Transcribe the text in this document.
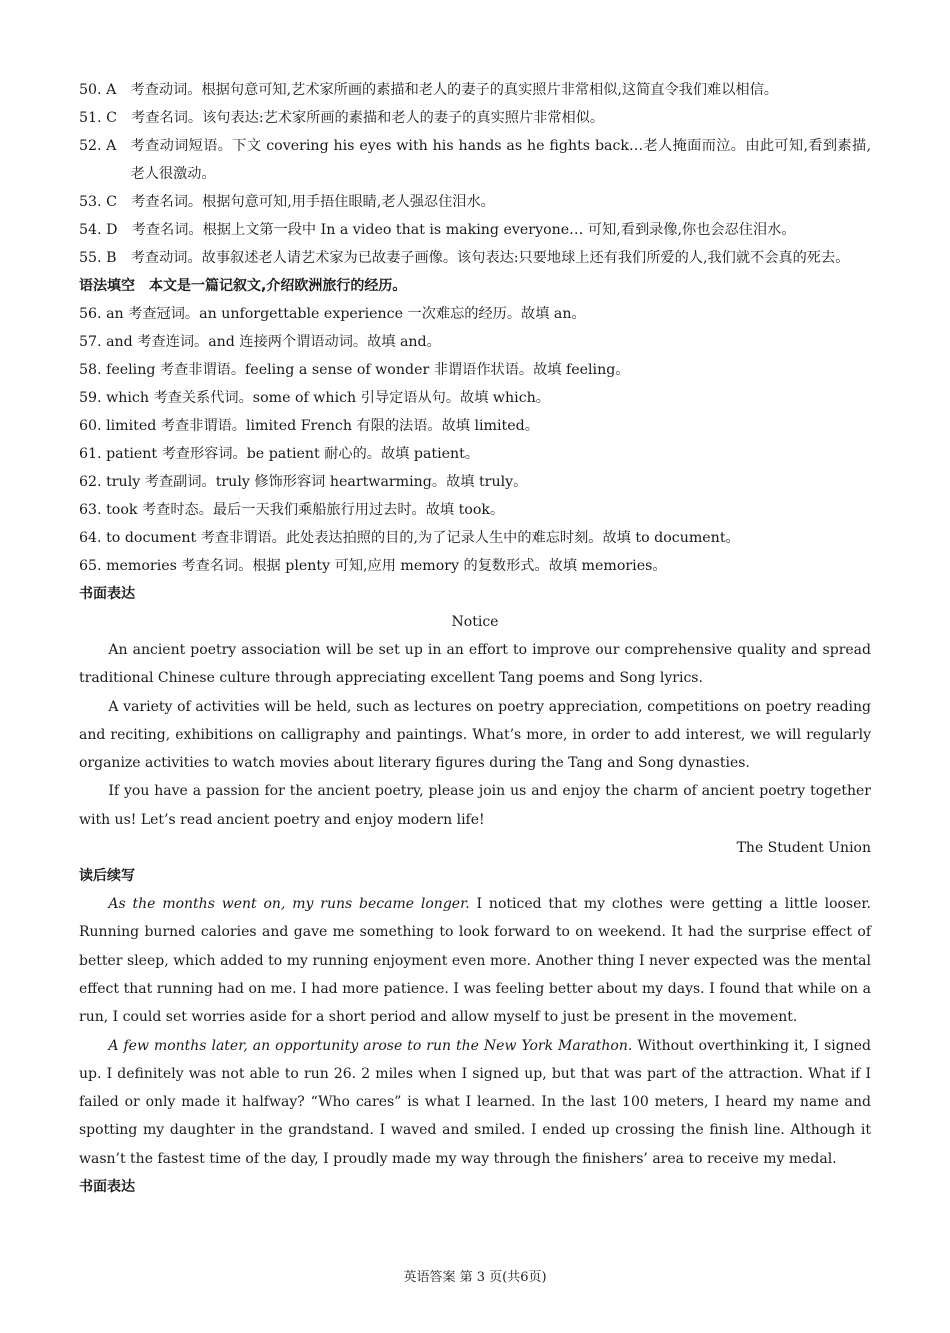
50. A　 考查动词。根据句意可知,艺术家所画的素描和老人的妻子的真实照片非常相似,这简直令我们难以相信。
51. C　 考查名词。该句表达:艺术家所画的素描和老人的妻子的真实照片非常相似。
52. A　 考查动词短语。下文 covering his eyes with his hands as he fights back…老人掩面而泣。由此可知,看到素描,老人很激动。
53. C　 考查名词。根据句意可知,用手捂住眼睛,老人强忍住泪水。
54. D　 考查名词。根据上文第一段中 In a video that is making everyone… 可知,看到录像,你也会忍住泪水。
55. B　 考查动词。故事叙述老人请艺术家为已故妻子画像。该句表达:只要地球上还有我们所爱的人,我们就不会真的死去。
语法填空　本文是一篇记叙文,介绍欧洲旅行的经历。
56. an 考查冠词。an unforgettable experience 一次难忘的经历。故填 an。
57. and 考查连词。and 连接两个谓语动词。故填 and。
58. feeling 考查非谓语。feeling a sense of wonder 非谓语作状语。故填 feeling。
59. which 考查关系代词。some of which 引导定语从句。故填 which。
60. limited 考查非谓语。limited French 有限的法语。故填 limited。
61. patient 考查形容词。be patient 耐心的。故填 patient。
62. truly 考查副词。truly 修饰形容词 heartwarming。故填 truly。
63. took 考查时态。最后一天我们乘船旅行用过去时。故填 took。
64. to document 考查非谓语。此处表达拍照的目的,为了记录人生中的难忘时刻。故填 to document。
65. memories 考查名词。根据 plenty 可知,应用 memory 的复数形式。故填 memories。
书面表达
Notice
An ancient poetry association will be set up in an effort to improve our comprehensive quality and spread traditional Chinese culture through appreciating excellent Tang poems and Song lyrics.
A variety of activities will be held, such as lectures on poetry appreciation, competitions on poetry reading and reciting, exhibitions on calligraphy and paintings. What’s more, in order to add interest, we will regularly organize activities to watch movies about literary figures during the Tang and Song dynasties.
If you have a passion for the ancient poetry, please join us and enjoy the charm of ancient poetry together with us! Let’s read ancient poetry and enjoy modern life!
The Student Union
读后续写
As the months went on, my runs became longer. I noticed that my clothes were getting a little looser. Running burned calories and gave me something to look forward to on weekend. It had the surprise effect of better sleep, which added to my running enjoyment even more. Another thing I never expected was the mental effect that running had on me. I had more patience. I was feeling better about my days. I found that while on a run, I could set worries aside for a short period and allow myself to just be present in the movement.
A few months later, an opportunity arose to run the New York Marathon. Without overthinking it, I signed up. I definitely was not able to run 26. 2 miles when I signed up, but that was part of the attraction. What if I failed or only made it halfway? “Who cares” is what I learned. In the last 100 meters, I heard my name and spotting my daughter in the grandstand. I waved and smiled. I ended up crossing the finish line. Although it wasn’t the fastest time of the day, I proudly made my way through the finishers’ area to receive my medal.
书面表达
英语答案 第 3 页(共6页)
